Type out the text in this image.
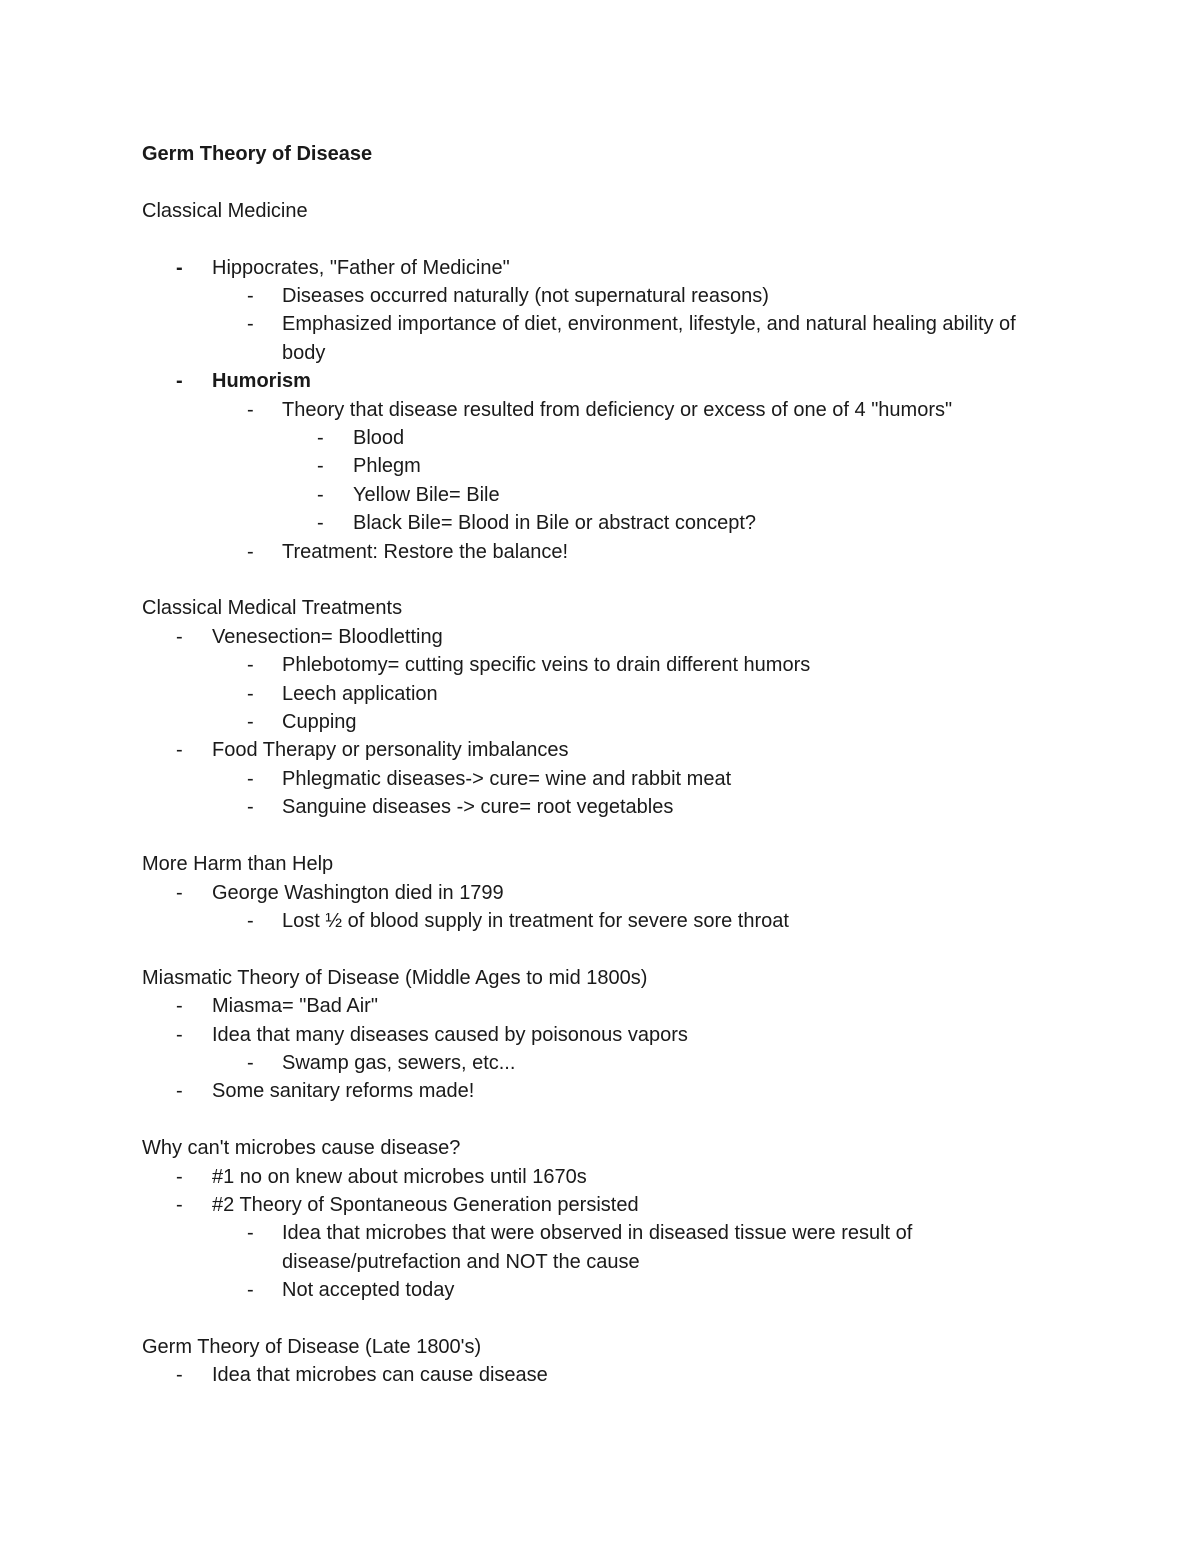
Germ Theory of Disease

Classical Medicine

- Hippocrates, "Father of Medicine"
- Diseases occurred naturally (not supernatural reasons)
- Emphasized importance of diet, environment, lifestyle, and natural healing ability of body
- Humorism
- Theory that disease resulted from deficiency or excess of one of 4 "humors"
- Blood
- Phlegm
- Yellow Bile= Bile
- Black Bile= Blood in Bile or abstract concept?
- Treatment: Restore the balance!

Classical Medical Treatments

- Venesection= Bloodletting
- Phlebotomy= cutting specific veins to drain different humors
- Leech application
- Cupping
- Food Therapy or personality imbalances
- Phlegmatic diseases-> cure= wine and rabbit meat
- Sanguine diseases -> cure= root vegetables

More Harm than Help

- George Washington died in 1799
- Lost ½ of blood supply in treatment for severe sore throat

Miasmatic Theory of Disease (Middle Ages to mid 1800s)

- Miasma= "Bad Air"
- Idea that many diseases caused by poisonous vapors
- Swamp gas, sewers, etc...
- Some sanitary reforms made!

Why can't microbes cause disease?

- #1 no on knew about microbes until 1670s
- #2 Theory of Spontaneous Generation persisted
- Idea that microbes that were observed in diseased tissue were result of disease/putrefaction and NOT the cause
- Not accepted today

Germ Theory of Disease (Late 1800's)

- Idea that microbes can cause disease
